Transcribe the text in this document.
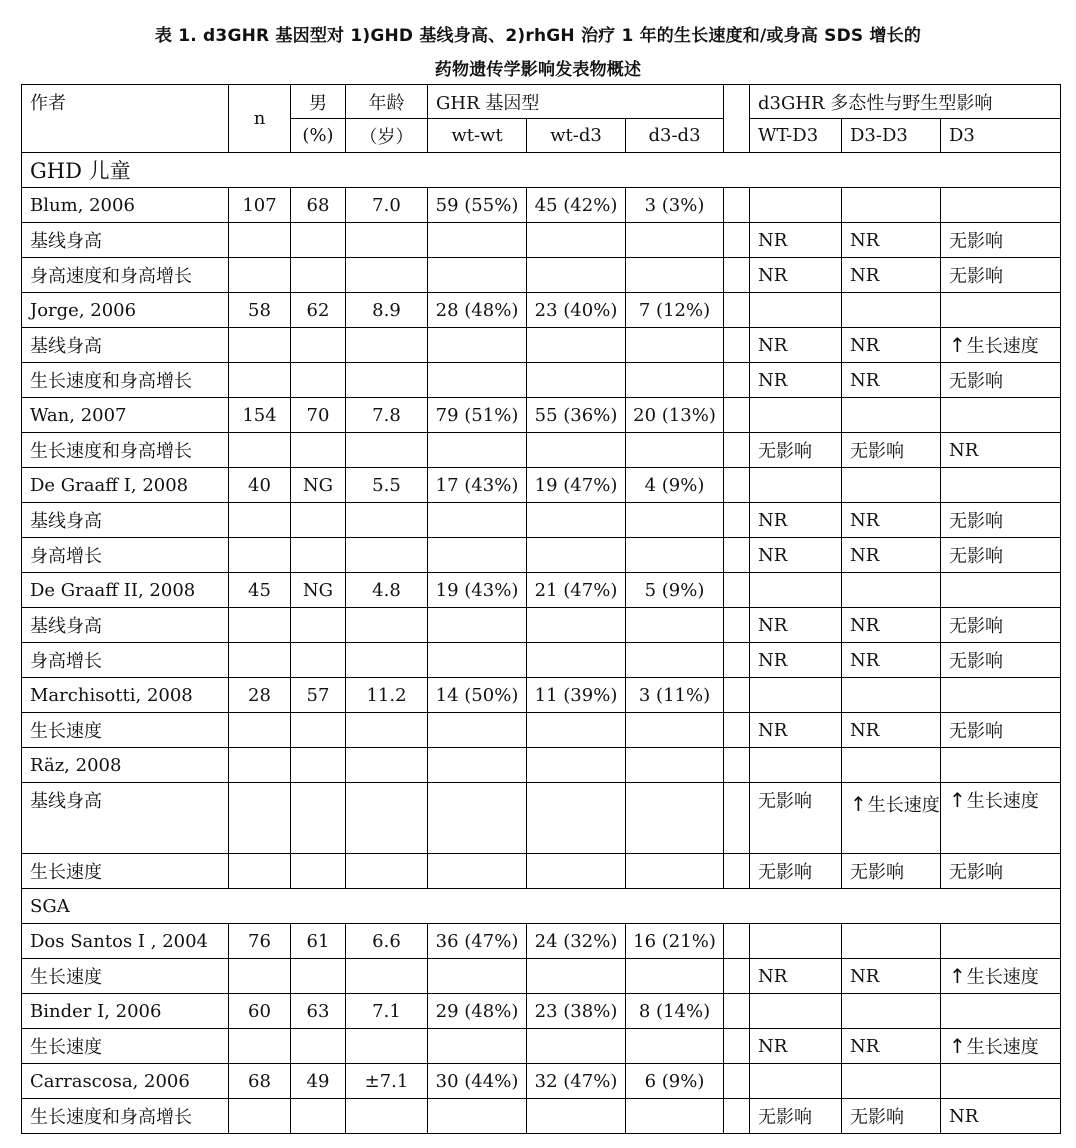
表 1. d3GHR 基因型对 1)GHD 基线身高、2)rhGH 治疗 1 年的生长速度和/或身高 SDS 增长的
药物遗传学影响发表物概述
作者	n	男	年龄	GHR 基因型				d3GHR 多态性与野生型影响		
		(%)	（岁）	wt-wt	wt-d3	d3-d3		WT-D3	D3-D3	D3
GHD 儿童										
Blum, 2006	107	68	7.0	59 (55%)	45 (42%)	3 (3%)				
基线身高								NR	NR	无影响
身高速度和身高增长								NR	NR	无影响
Jorge, 2006	58	62	8.9	28 (48%)	23 (40%)	7 (12%)				
基线身高								NR	NR	↑生长速度
生长速度和身高增长								NR	NR	无影响
Wan, 2007	154	70	7.8	79 (51%)	55 (36%)	20 (13%)				
生长速度和身高增长								无影响	无影响	NR
De Graaff I, 2008	40	NG	5.5	17 (43%)	19 (47%)	4 (9%)				
基线身高								NR	NR	无影响
身高增长								NR	NR	无影响
De Graaff II, 2008	45	NG	4.8	19 (43%)	21 (47%)	5 (9%)				
基线身高								NR	NR	无影响
身高增长								NR	NR	无影响
Marchisotti, 2008	28	57	11.2	14 (50%)	11 (39%)	3 (11%)				
生长速度								NR	NR	无影响
Räz, 2008										
基线身高								无影响	↑生长速度	↑生长速度
生长速度								无影响	无影响	无影响
SGA										
Dos Santos I , 2004	76	61	6.6	36 (47%)	24 (32%)	16 (21%)				
生长速度								NR	NR	↑生长速度
Binder I, 2006	60	63	7.1	29 (48%)	23 (38%)	8 (14%)				
生长速度								NR	NR	↑生长速度
Carrascosa, 2006	68	49	±7.1	30 (44%)	32 (47%)	6 (9%)				
生长速度和身高增长								无影响	无影响	NR
